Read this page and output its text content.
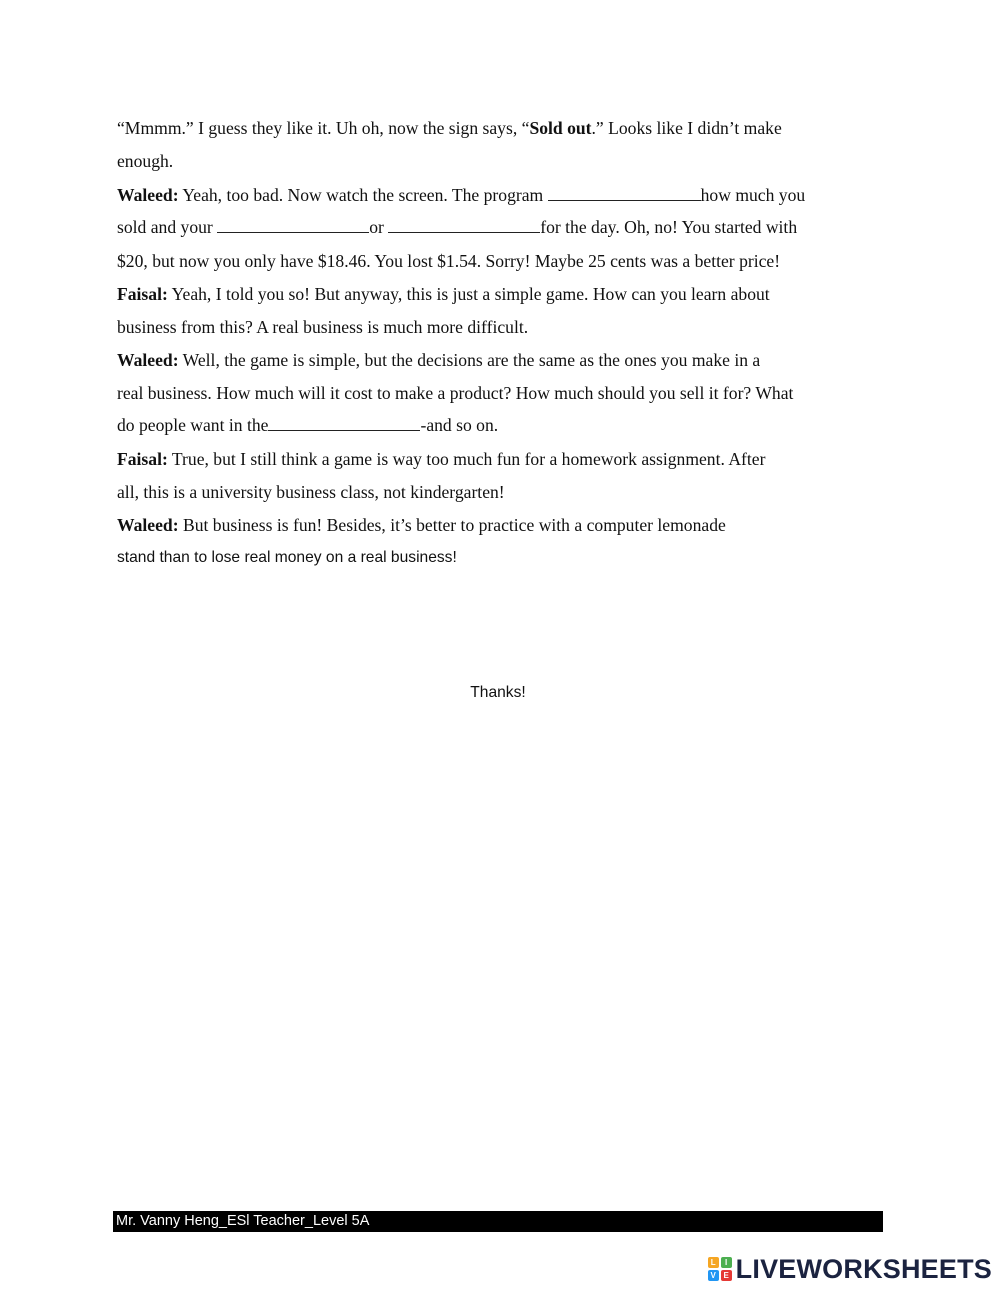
“Mmmm.” I guess they like it. Uh oh, now the sign says, “Sold out.” Looks like I didn’t make
enough.
Waleed: Yeah, too bad. Now watch the screen. The program	how much you
sold and your	or	for the day. Oh, no! You started with
$20, but now you only have $18.46. You lost $1.54. Sorry! Maybe 25 cents was a better price!
Faisal: Yeah, I told you so! But anyway, this is just a simple game. How can you learn about
business from this? A real business is much more difficult.
Waleed: Well, the game is simple, but the decisions are the same as the ones you make in a
real business. How much will it cost to make a product? How much should you sell it for? What
do people want in the	-and so on.
Faisal: True, but I still think a game is way too much fun for a homework assignment. After
all, this is a university business class, not kindergarten!
Waleed: But business is fun! Besides, it’s better to practice with a computer lemonade
stand than to lose real money on a real business!
Thanks!
Mr. Vanny Heng_ESl Teacher_Level 5A
L	I
V E LIVEWORKSHEETS
